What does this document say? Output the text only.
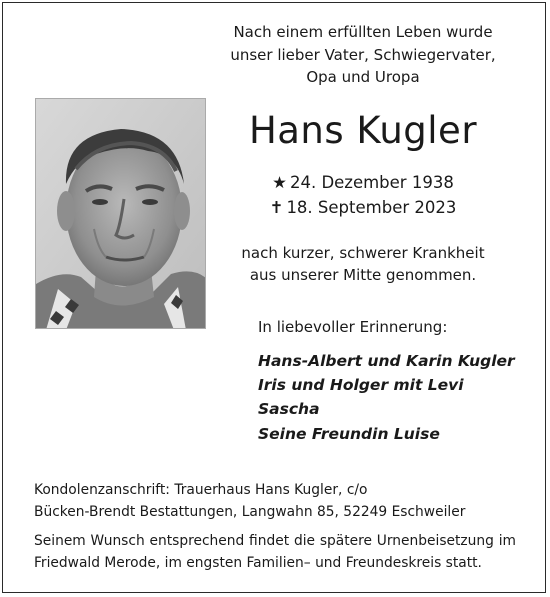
Nach einem erfüllten Leben wurde
unser lieber Vater, Schwiegervater,
Opa und Uropa
Hans Kugler
★ 24. Dezember 1938
✝ 18. September 2023
nach kurzer, schwerer Krankheit
aus unserer Mitte genommen.
In liebevoller Erinnerung:
Hans-Albert und Karin Kugler
Iris und Holger mit Levi
Sascha
Seine Freundin Luise
Kondolenzanschrift: Trauerhaus Hans Kugler, c/o
Bücken-Brendt Bestattungen, Langwahn 85, 52249 Eschweiler
Seinem Wunsch entsprechend findet die spätere Urnenbeisetzung im
Friedwald Merode, im engsten Familien– und Freundeskreis statt.
